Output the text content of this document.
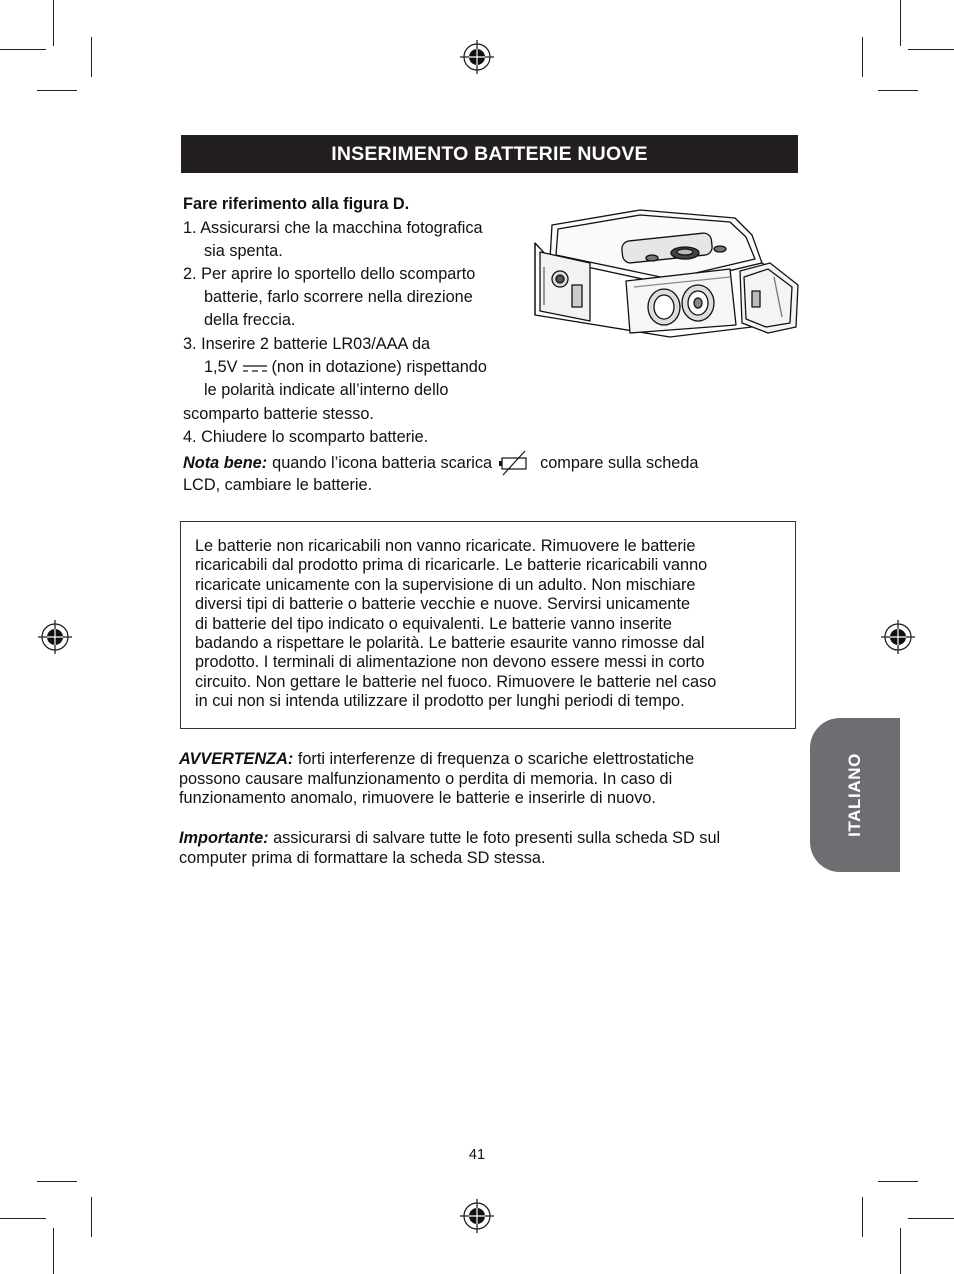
INSERIMENTO BATTERIE NUOVE
Fare riferimento alla figura D.
1. Assicurarsi che la macchina fotografica
sia spenta.
2. Per aprire lo sportello dello scomparto
batterie, farlo scorrere nella direzione
della freccia.
3. Inserire 2 batterie LR03/AAA da
1,5V (non in dotazione) rispettando
le polarità indicate all’interno dello
scomparto batterie stesso.
4. Chiudere lo scomparto batterie.
Nota bene: quando l’icona batteria scarica	compare sulla scheda
LCD, cambiare le batterie.
Le batterie non ricaricabili non vanno ricaricate. Rimuovere le batterie
ricaricabili dal prodotto prima di ricaricarle. Le batterie ricaricabili vanno
ricaricate unicamente con la supervisione di un adulto. Non mischiare
diversi tipi di batterie o batterie vecchie e nuove. Servirsi unicamente
di batterie del tipo indicato o equivalenti. Le batterie vanno inserite
badando a rispettare le polarità. Le batterie esaurite vanno rimosse dal
prodotto. I terminali di alimentazione non devono essere messi in corto
circuito. Non gettare le batterie nel fuoco. Rimuovere le batterie nel caso
in cui non si intenda utilizzare il prodotto per lunghi periodi di tempo.
AVVERTENZA: forti interferenze di frequenza o scariche elettrostatiche
possono causare malfunzionamento o perdita di memoria. In caso di
funzionamento anomalo, rimuovere le batterie e inserirle di nuovo.
Importante: assicurarsi di salvare tutte le foto presenti sulla scheda SD sul
computer prima di formattare la scheda SD stessa.
ITALIANO
41
